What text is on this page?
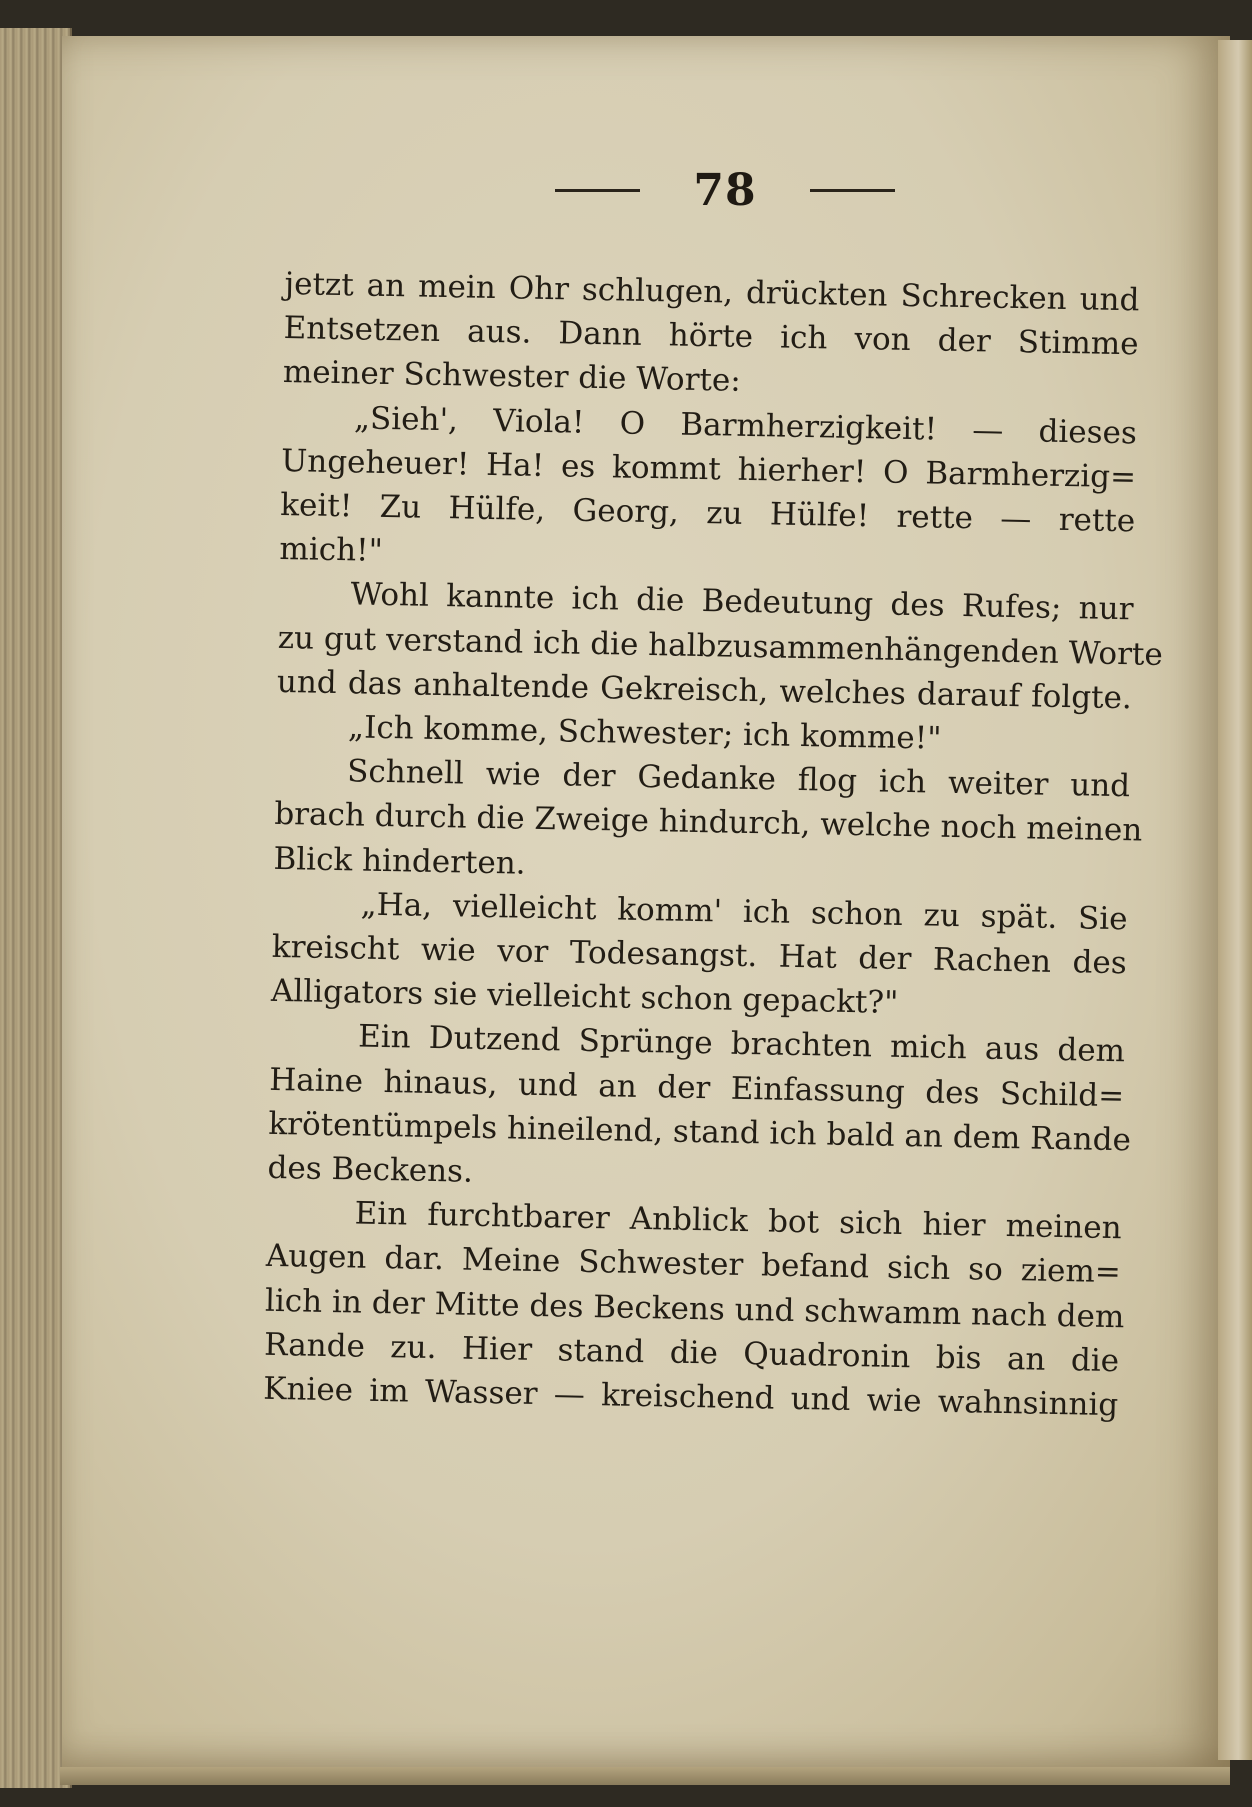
78
jetzt an mein Ohr schlugen, drückten Schrecken und
Entsetzen aus. Dann hörte ich von der Stimme
meiner Schwester die Worte:
„Sieh', Viola! O Barmherzigkeit! — dieses
Ungeheuer! Ha! es kommt hierher! O Barmherzig=
keit! Zu Hülfe, Georg, zu Hülfe! rette — rette
mich!"
Wohl kannte ich die Bedeutung des Rufes; nur
zu gut verstand ich die halbzusammenhängenden Worte
und das anhaltende Gekreisch, welches darauf folgte.
„Ich komme, Schwester; ich komme!"
Schnell wie der Gedanke flog ich weiter und
brach durch die Zweige hindurch, welche noch meinen
Blick hinderten.
„Ha, vielleicht komm' ich schon zu spät. Sie
kreischt wie vor Todesangst. Hat der Rachen des
Alligators sie vielleicht schon gepackt?"
Ein Dutzend Sprünge brachten mich aus dem
Haine hinaus, und an der Einfassung des Schild=
krötentümpels hineilend, stand ich bald an dem Rande
des Beckens.
Ein furchtbarer Anblick bot sich hier meinen
Augen dar. Meine Schwester befand sich so ziem=
lich in der Mitte des Beckens und schwamm nach dem
Rande zu. Hier stand die Quadronin bis an die
Kniee im Wasser — kreischend und wie wahnsinnig
